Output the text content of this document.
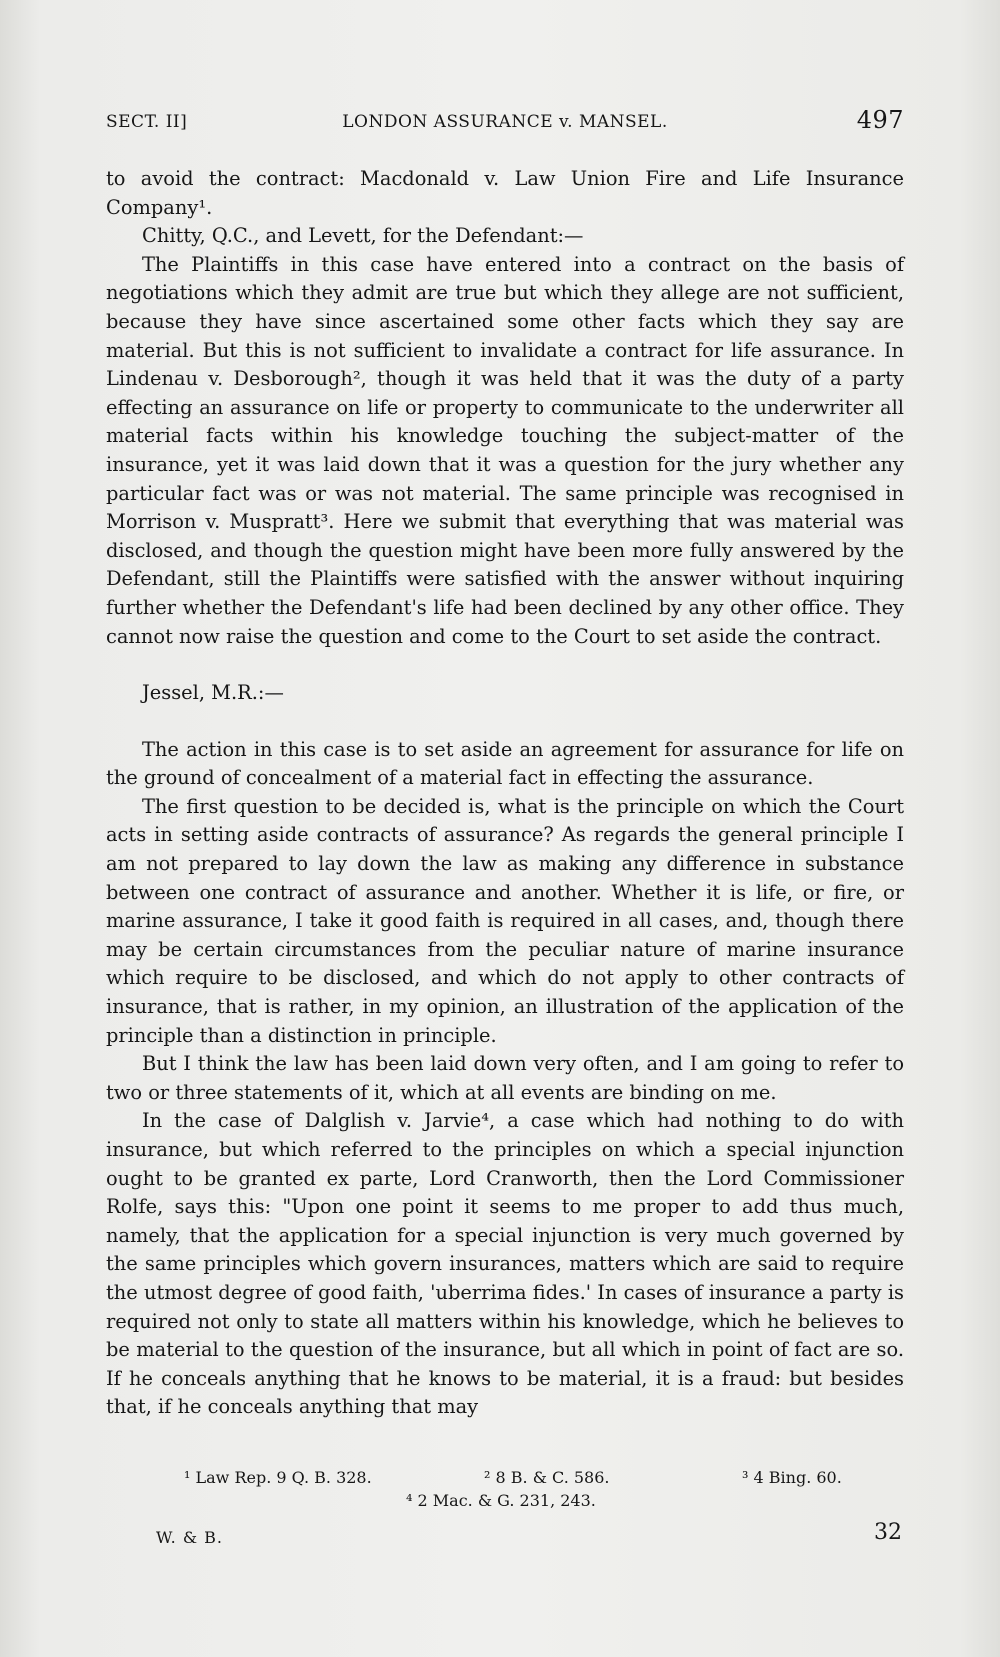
SECT. II]	LONDON ASSURANCE v. MANSEL.	497

to avoid the contract: Macdonald v. Law Union Fire and Life Insurance Company¹.

Chitty, Q.C., and Levett, for the Defendant:—

The Plaintiffs in this case have entered into a contract on the basis of negotiations which they admit are true but which they allege are not sufficient, because they have since ascertained some other facts which they say are material. But this is not sufficient to invalidate a contract for life assurance. In Lindenau v. Desborough², though it was held that it was the duty of a party effecting an assurance on life or property to communicate to the underwriter all material facts within his knowledge touching the subject-matter of the insurance, yet it was laid down that it was a question for the jury whether any particular fact was or was not material. The same principle was recognised in Morrison v. Muspratt³. Here we submit that everything that was material was disclosed, and though the question might have been more fully answered by the Defendant, still the Plaintiffs were satisfied with the answer without inquiring further whether the Defendant's life had been declined by any other office. They cannot now raise the question and come to the Court to set aside the contract.

Jessel, M.R.:—

The action in this case is to set aside an agreement for assurance for life on the ground of concealment of a material fact in effecting the assurance.

The first question to be decided is, what is the principle on which the Court acts in setting aside contracts of assurance? As regards the general principle I am not prepared to lay down the law as making any difference in substance between one contract of assurance and another. Whether it is life, or fire, or marine assurance, I take it good faith is required in all cases, and, though there may be certain circumstances from the peculiar nature of marine insurance which require to be disclosed, and which do not apply to other contracts of insurance, that is rather, in my opinion, an illustration of the application of the principle than a distinction in principle.

But I think the law has been laid down very often, and I am going to refer to two or three statements of it, which at all events are binding on me.

In the case of Dalglish v. Jarvie⁴, a case which had nothing to do with insurance, but which referred to the principles on which a special injunction ought to be granted ex parte, Lord Cranworth, then the Lord Commissioner Rolfe, says this: "Upon one point it seems to me proper to add thus much, namely, that the application for a special injunction is very much governed by the same principles which govern insurances, matters which are said to require the utmost degree of good faith, 'uberrima fides.' In cases of insurance a party is required not only to state all matters within his knowledge, which he believes to be material to the question of the insurance, but all which in point of fact are so. If he conceals anything that he knows to be material, it is a fraud: but besides that, if he conceals anything that may

¹ Law Rep. 9 Q. B. 328.	² 8 B. & C. 586.	³ 4 Bing. 60.
⁴ 2 Mac. & G. 231, 243.
W. & B.	32
